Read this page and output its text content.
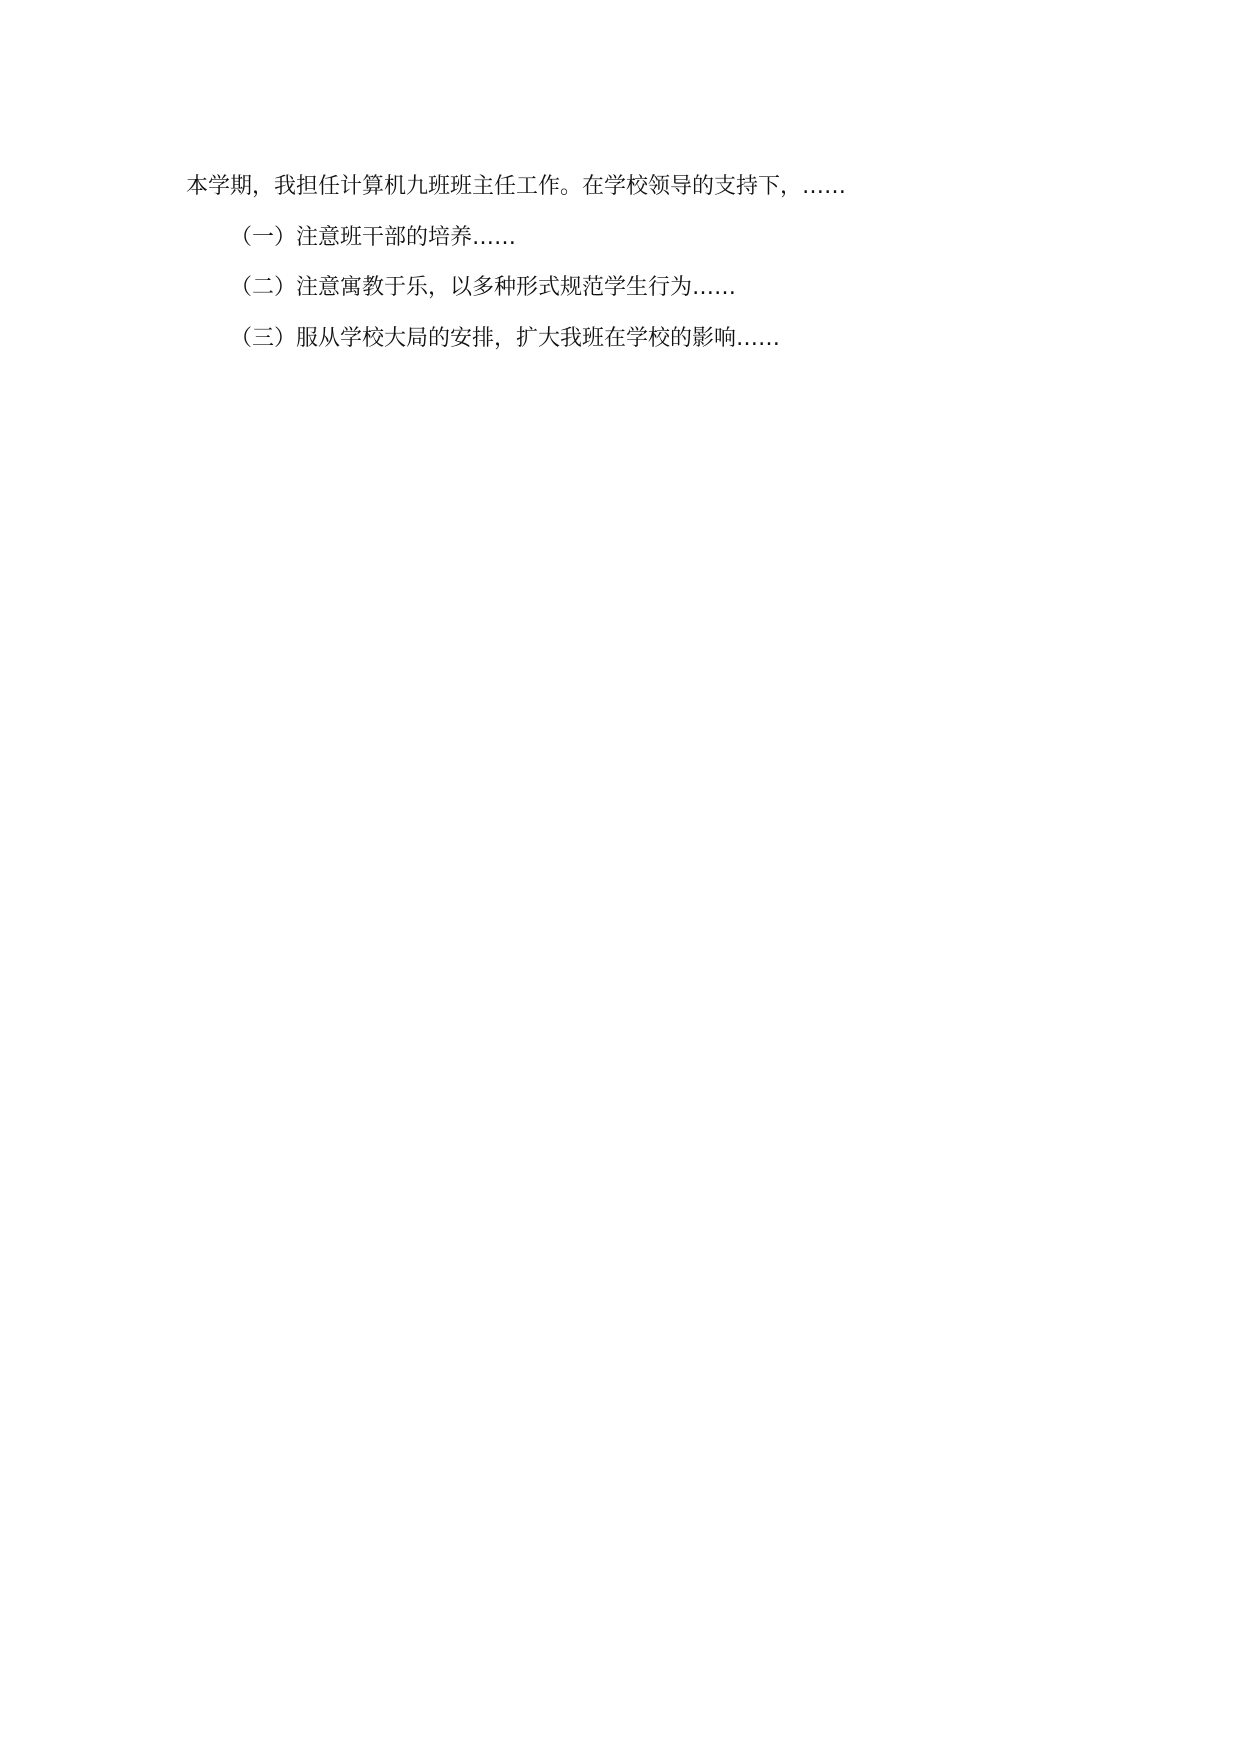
本学期，我担任计算机九班班主任工作。在学校领导的支持下，……

（一）注意班干部的培养……

（二）注意寓教于乐，以多种形式规范学生行为……

（三）服从学校大局的安排，扩大我班在学校的影响……
